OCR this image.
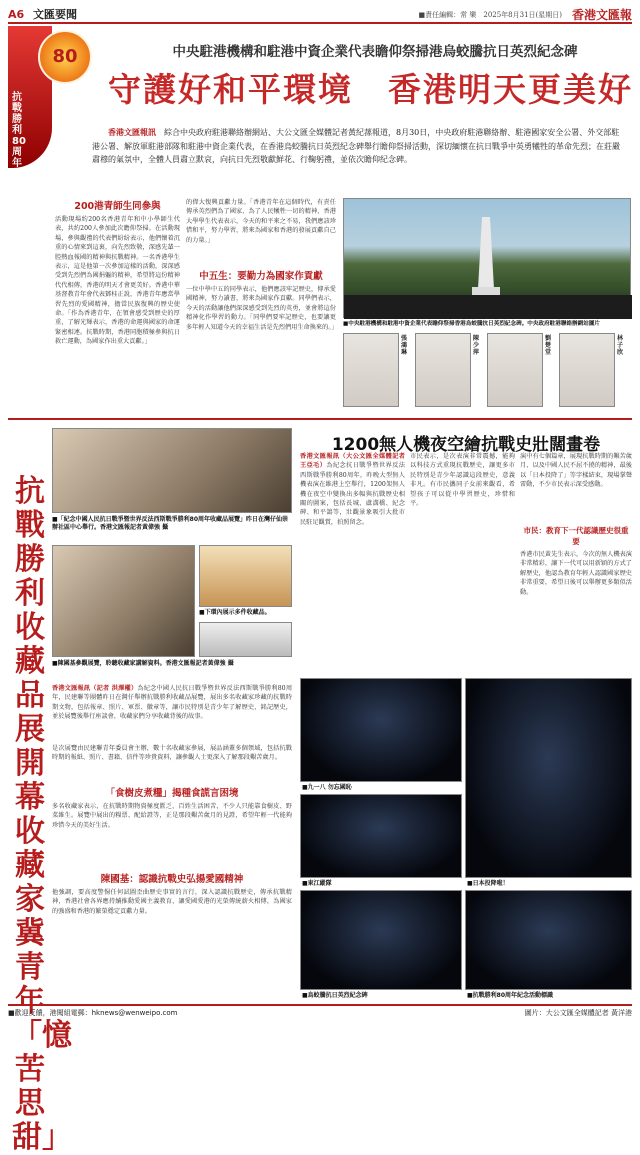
A6 文匯要聞	■責任編輯：常 樂　 2025年8月31日(星期日) 香港文匯報
80
抗戰勝利80周年
中央駐港機構和駐港中資企業代表瞻仰祭掃港烏蛟騰抗日英烈紀念碑
守護好和平環境　香港明天更美好
香港文匯報訊　 綜合中央政府駐港聯絡辦網站、大公文匯全媒體記者黃紀蓀報道，8月30日，中央政府駐港聯絡辦、駐港國家安全公署、外交部駐港公署、解放軍駐港部隊和駐港中資企業代表，在香港烏蛟騰抗日英烈紀念碑舉行瞻仰祭掃活動，深切緬懷在抗日戰爭中英勇犧牲的革命先烈；在莊嚴肅穆的氣氛中，全體人員肅立默哀，向抗日先烈敬獻鮮花、行鞠躬禮，並依次瞻仰紀念碑。
200港青師生同參與
活動現場約200名香港青年和中小學師生代表，共約200人參加此次瞻仰祭掃。在活動現場，參與觀禮的代表們紛紛表示，他們懷着沉重的心情來到這裏，向先烈致敬，深感先輩一腔熱血報國的精神與抗戰精神。一名香港學生表示，這是他第一次參加這樣的活動，深深感受到先烈們為國捐軀的精神，希望將這份精神代代相傳，香港的明天才會更美好。香港中華基督教青年會代表鄧桂正說，香港青年應當學習先烈的愛國精神，擔當民族復興的歷史使命。「作為香港青年，在領會感受到歷史的厚重，了解光輝表示，香港的命運與國家的命運緊密相連。抗戰時期，香港同胞積極參與抗日救亡運動，為國家作出重大貢獻。」
的偉大復興貢獻力量。「香港青年在這個時代，有責任傳承英烈們為了國家、為了人民犧牲一切的精神，香港大學學生代表表示，今天的和平來之不易，我們應該珍惜和平，努力學習，將來為國家和香港的發展貢獻自己的力量。」
中五生：要勤力為國家作貢獻
一位中學中五的同學表示，他們應該牢記歷史，傳承愛國精神，努力讀書，將來為國家作貢獻。同學們表示，今天的活動讓他們深深感受到先烈的英勇，並會將這份精神化作學習的動力。「同學們要牢記歷史，也要讓更多年輕人知道今天的幸福生活是先烈們用生命換來的。」 ■中央駐港機構和駐港中資企業代表瞻仰祭掃香港烏蛟騰抗日英烈紀念碑。中央政府駐港聯絡辦網站圖片
張鴻琳
陳少萍
劉楚堂
林子欣
抗戰勝利收藏品展開幕　收藏家冀青年「憶苦思甜」
■「紀念中國人民抗日戰爭暨世界反法西斯戰爭勝利80周年收藏品展覽」昨日在灣仔仙崇辦社區中心舉行。香港文匯報記者黃偉強 攝
■下環內展示多件收藏品。
■陳國基參觀展覽，聆聽收藏家講解資料。香港文匯報記者黃偉強 攝
香港文匯報訊（記者 洪澤權）為紀念中國人民抗日戰爭暨世界反法西斯戰爭勝利80周年，民建聯等團體昨日在灣仔舉辦抗戰勝利收藏品展覽，展出多名收藏家珍藏的抗戰時期文物，包括報章、照片、軍票、徽章等，讓市民特別是青少年了解歷史、銘記歷史，並於展覽後舉行座談會，收藏家們分享收藏背後的故事。
是次展覽由民建聯青年委員會主辦，數十名收藏家參展，展品涵蓋多個領域，包括抗戰時期的報紙、照片、書籍、信件等珍貴資料，讓參觀人士更深入了解那段艱苦歲月。
「食樹皮煮糧」揭種食謊言困境
多名收藏家表示，在抗戰時期物資極度匱乏，百姓生活困苦，不少人只能靠食樹皮、野菜維生。展覽中展出的糧票、配給證等，正是那段艱苦歲月的見證，希望年輕一代能夠珍惜今天的美好生活。
陳國基：認識抗戰史弘揚愛國精神
他強調，要高度警惕任何試圖歪曲歷史事實的言行，深入認識抗戰歷史，傳承抗戰精神，香港社會各界應持續推動愛國主義教育，讓愛國愛港的光榮傳統薪火相傳，為國家的強盛和香港的繁榮穩定貢獻力量。
1200無人機夜空繪抗戰史壯闊畫卷
香港文匯報訊（大公文匯全媒體記者 王亞毛）為紀念抗日戰爭暨世界反法西斯戰爭勝利80周年，昨晚大型無人機表演在維港上空舉行，1200架無人機在夜空中變換出多幅與抗戰歷史相關的圖案，包括長城、盧溝橋、紀念碑、和平鴿等，壯觀景象吸引大批市民駐足觀賞，拍照留念。
市民表示，是次表演非常震撼，能夠以科技方式重現抗戰歷史，讓更多市民特別是青少年認識這段歷史，意義非凡。有市民攜同子女前來觀看，希望孩子可以從中學習歷史，珍惜和平。
演中有七個篇章，展現抗戰時期的艱苦歲月，以及中國人民不屈不撓的精神，最後以「日本投降了」等字樣結束，現場掌聲雷動，不少市民表示深受感動。
市民：教育下一代認識歷史很重要
香港市民黃先生表示，今次的無人機表演非常精彩，讓下一代可以用新穎的方式了解歷史，他認為教育年輕人認識國家歷史非常重要，希望日後可以舉辦更多類似活動。
■九一八 勿忘國恥
■東江縱隊	■日本投降啦！
■烏蛟騰抗日英烈紀念碑	■抗戰勝利80周年紀念活動標識
■歡迎反饋，港聞組電郵：hknews@wenweipo.com	圖片：大公文匯全媒體記者 黃洋港
